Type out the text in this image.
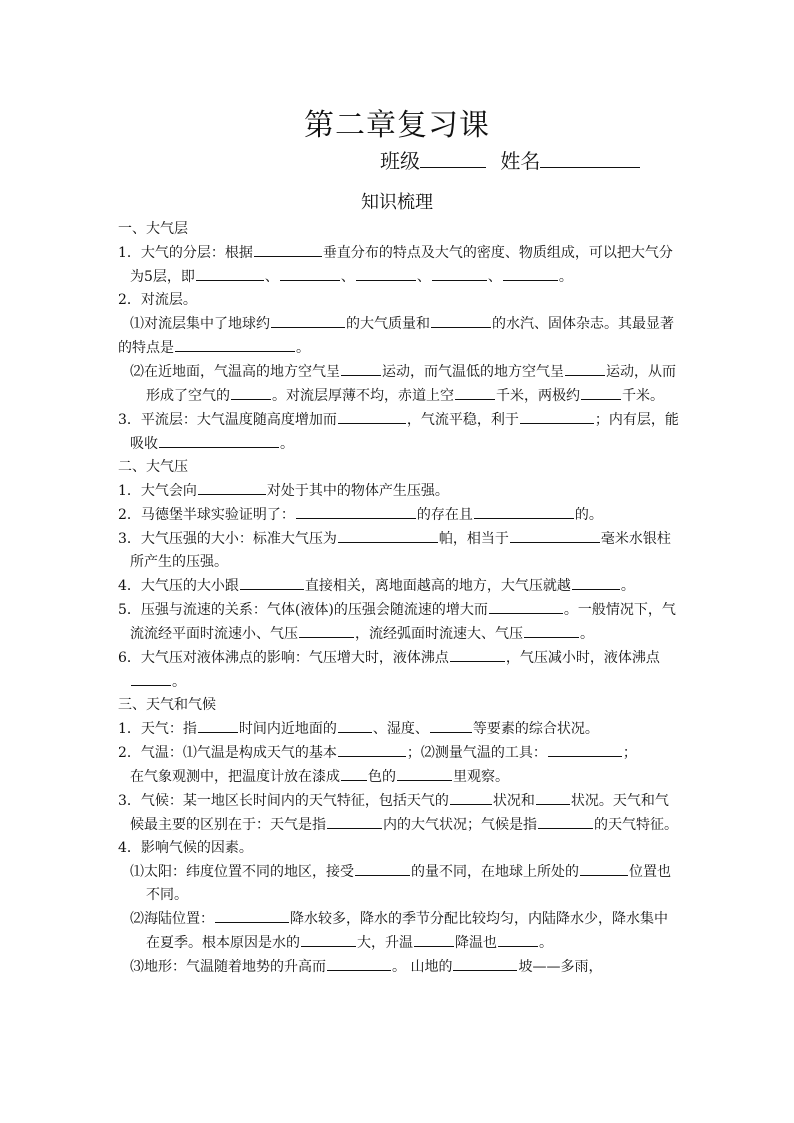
第二章复习课
班级	姓名
知识梳理

一、大气层

1．大气的分层：根据	垂直分布的特点及大气的密度、物质组成，可以把大气分为5层，即	、	、	、	、	。

2．对流层。

⑴对流层集中了地球约	的大气质量和	的水汽、固体杂志。其最显著的特点是	。

⑵在近地面，气温高的地方空气呈	运动，而气温低的地方空气呈	运动，从而形成了空气的	。对流层厚薄不均，赤道上空	千米，两极约	千米。

3．平流层：大气温度随高度增加而	，气流平稳，利于	；内有层，能吸收	。

二、大气压

1．大气会向	对处于其中的物体产生压强。

2．马德堡半球实验证明了：	的存在且	的。

3．大气压强的大小：标准大气压为	帕，相当于	毫米水银柱所产生的压强。

4．大气压的大小跟	直接相关，离地面越高的地方，大气压就越	。

5．压强与流速的关系：气体(液体)的压强会随流速的增大而	。一般情况下，气流流经平面时流速小、气压	，流经弧面时流速大、气压	。

6．大气压对液体沸点的影响：气压增大时，液体沸点	，气压减小时，液体沸点。

三、天气和气候

1．天气：指	时间内近地面的	、湿度、	等要素的综合状况。

2．气温：⑴气温是构成天气的基本	；⑵测量气温的工具：	；

在气象观测中，把温度计放在漆成 色的	里观察。

3．气候：某一地区长时间内的天气特征，包括天气的	状况和	状况。天气和气候最主要的区别在于：天气是指	内的大气状况；气候是指	的天气特征。

4．影响气候的因素。

⑴太阳：纬度位置不同的地区，接受	的量不同，在地球上所处的	位置也不同。

⑵海陆位置：	降水较多，降水的季节分配比较均匀，内陆降水少，降水集中在夏季。根本原因是水的	大，升温	降温也	。

⑶地形：气温随着地势的升高而	。 山地的	坡——多雨，
